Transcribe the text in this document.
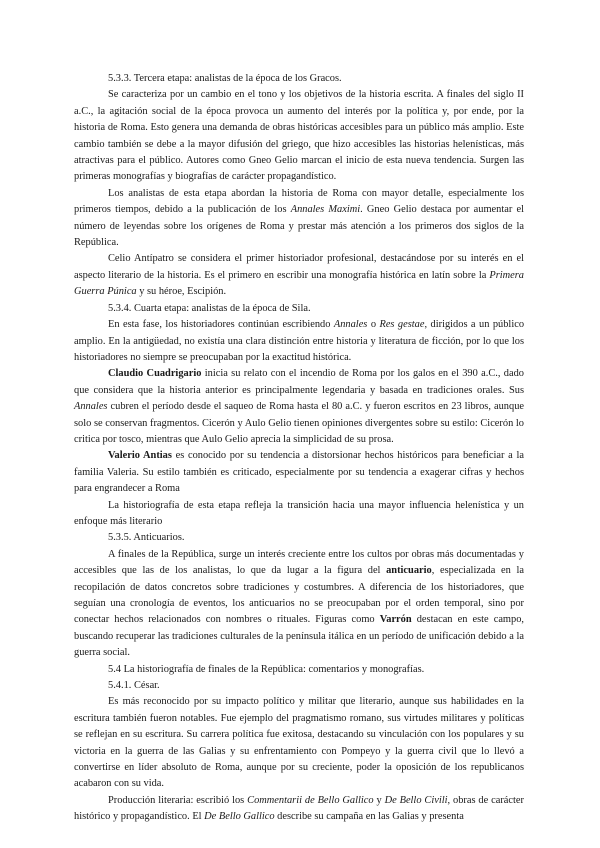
5.3.3. Tercera etapa: analistas de la época de los Gracos.

Se caracteriza por un cambio en el tono y los objetivos de la historia escrita. A finales del siglo II a.C., la agitación social de la época provoca un aumento del interés por la política y, por ende, por la historia de Roma. Esto genera una demanda de obras históricas accesibles para un público más amplio. Este cambio también se debe a la mayor difusión del griego, que hizo accesibles las historias helenísticas, más atractivas para el público. Autores como Gneo Gelio marcan el inicio de esta nueva tendencia. Surgen las primeras monografías y biografías de carácter propagandístico.

Los analistas de esta etapa abordan la historia de Roma con mayor detalle, especialmente los primeros tiempos, debido a la publicación de los Annales Maximi. Gneo Gelio destaca por aumentar el número de leyendas sobre los orígenes de Roma y prestar más atención a los primeros dos siglos de la República.

Celio Antípatro se considera el primer historiador profesional, destacándose por su interés en el aspecto literario de la historia. Es el primero en escribir una monografía histórica en latín sobre la Primera Guerra Púnica y su héroe, Escipión.

5.3.4. Cuarta etapa: analistas de la época de Sila.

En esta fase, los historiadores continúan escribiendo Annales o Res gestae, dirigidos a un público amplio. En la antigüedad, no existía una clara distinción entre historia y literatura de ficción, por lo que los historiadores no siempre se preocupaban por la exactitud histórica.

Claudio Cuadrigario inicia su relato con el incendio de Roma por los galos en el 390 a.C., dado que considera que la historia anterior es principalmente legendaria y basada en tradiciones orales. Sus Annales cubren el período desde el saqueo de Roma hasta el 80 a.C. y fueron escritos en 23 libros, aunque solo se conservan fragmentos. Cicerón y Aulo Gelio tienen opiniones divergentes sobre su estilo: Cicerón lo critica por tosco, mientras que Aulo Gelio aprecia la simplicidad de su prosa.

Valerio Antias es conocido por su tendencia a distorsionar hechos históricos para beneficiar a la familia Valeria. Su estilo también es criticado, especialmente por su tendencia a exagerar cifras y hechos para engrandecer a Roma

La historiografía de esta etapa refleja la transición hacia una mayor influencia helenística y un enfoque más literario

5.3.5. Anticuarios.

A finales de la República, surge un interés creciente entre los cultos por obras más documentadas y accesibles que las de los analistas, lo que da lugar a la figura del anticuario, especializada en la recopilación de datos concretos sobre tradiciones y costumbres. A diferencia de los historiadores, que seguían una cronología de eventos, los anticuarios no se preocupaban por el orden temporal, sino por conectar hechos relacionados con nombres o rituales. Figuras como Varrón destacan en este campo, buscando recuperar las tradiciones culturales de la península itálica en un período de unificación debido a la guerra social.

5.4 La historiografía de finales de la República: comentarios y monografías.

5.4.1. César.

Es más reconocido por su impacto político y militar que literario, aunque sus habilidades en la escritura también fueron notables. Fue ejemplo del pragmatismo romano, sus virtudes militares y políticas se reflejan en su escritura. Su carrera política fue exitosa, destacando su vinculación con los populares y su victoria en la guerra de las Galias y su enfrentamiento con Pompeyo y la guerra civil que lo llevó a convertirse en líder absoluto de Roma, aunque por su creciente, poder la oposición de los republicanos acabaron con su vida.

Producción literaria: escribió los Commentarii de Bello Gallico y De Bello Civili, obras de carácter histórico y propagandístico. El De Bello Gallico describe su campaña en las Galias y presenta
